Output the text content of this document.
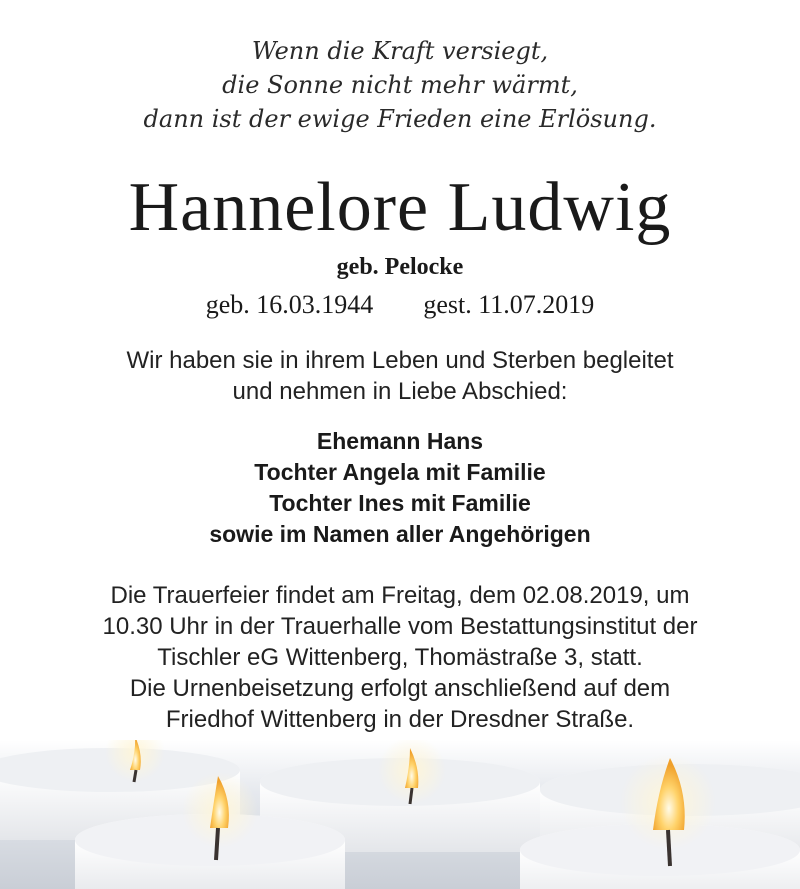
Wenn die Kraft versiegt,
die Sonne nicht mehr wärmt,
dann ist der ewige Frieden eine Erlösung.
Hannelore Ludwig
geb. Pelocke
geb. 16.03.1944 gest. 11.07.2019
Wir haben sie in ihrem Leben und Sterben begleitet
und nehmen in Liebe Abschied:
Ehemann Hans
Tochter Angela mit Familie
Tochter Ines mit Familie
sowie im Namen aller Angehörigen
Die Trauerfeier findet am Freitag, dem 02.08.2019, um
10.30 Uhr in der Trauerhalle vom Bestattungsinstitut der
Tischler eG Wittenberg, Thomästraße 3, statt.
Die Urnenbeisetzung erfolgt anschließend auf dem
Friedhof Wittenberg in der Dresdner Straße.
